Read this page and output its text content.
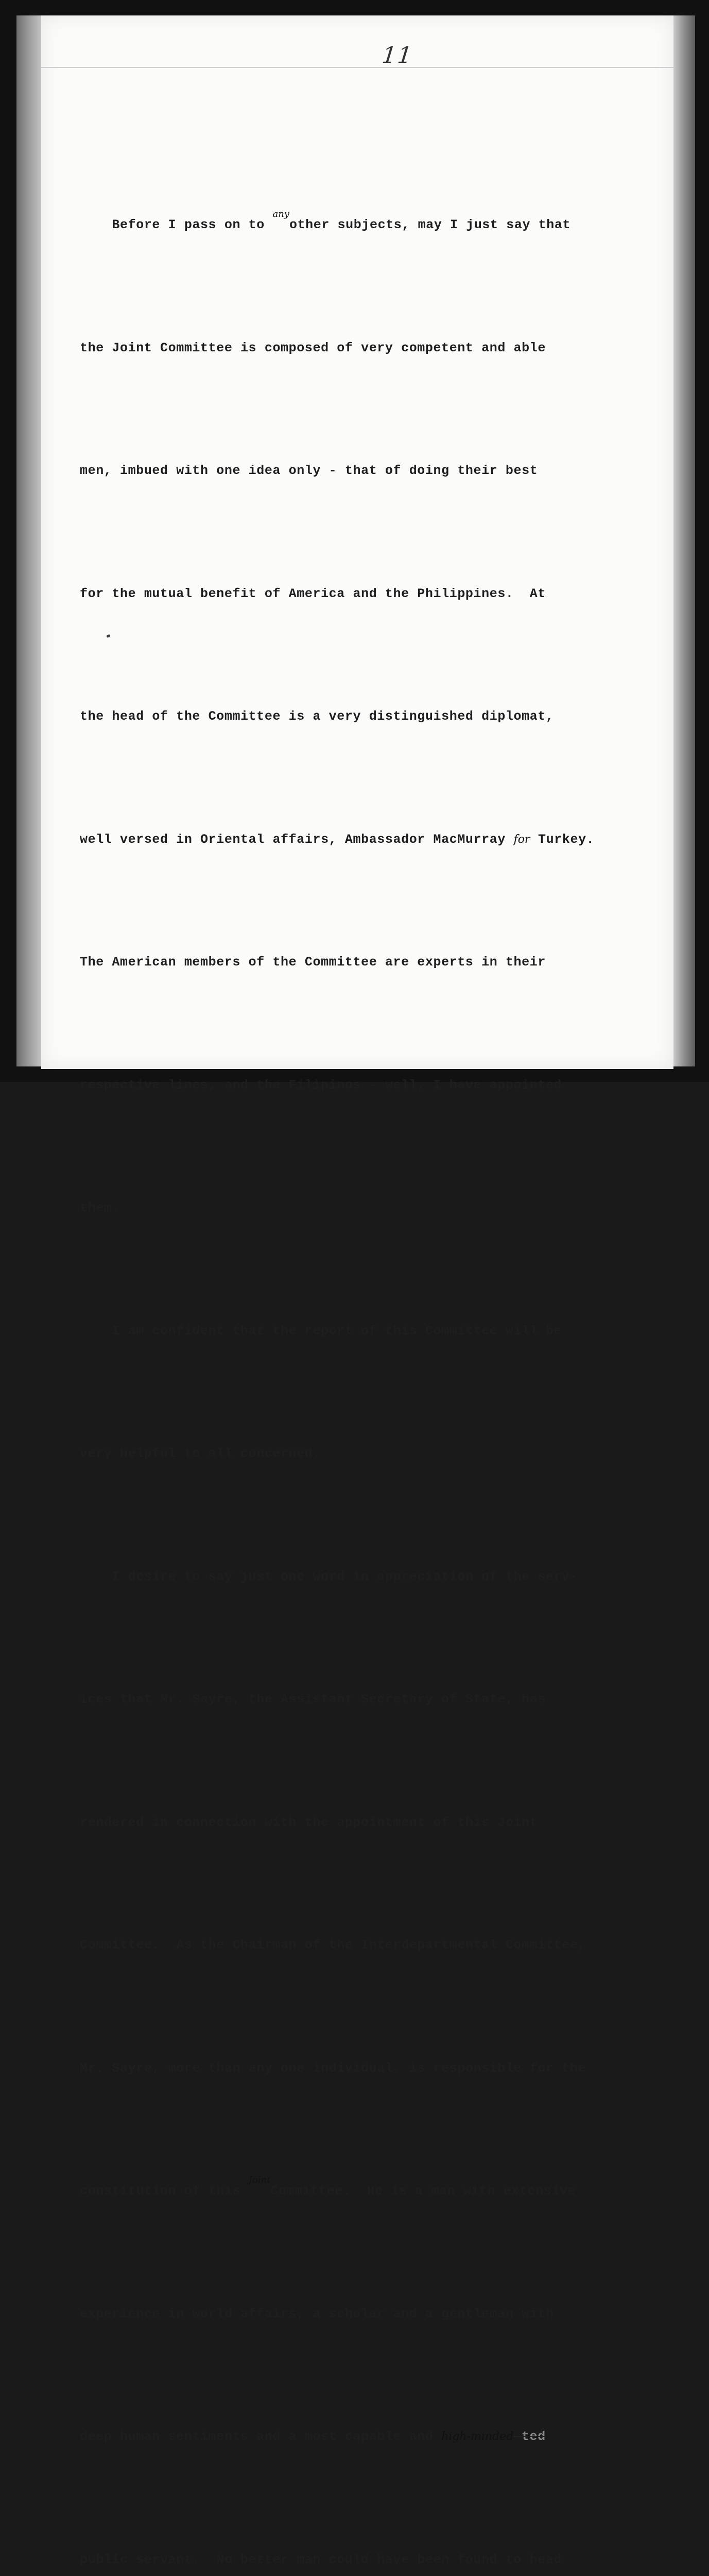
11

Before I pass on to $^{any}$other subjects, may I just say that

the Joint Committee is composed of very competent and able

men, imbued with one idea only - that of doing their best

for the mutual benefit of America and the Philippines.  At

the head of the Committee is a very distinguished diplomat,

well versed in Oriental affairs, Ambassador MacMurray for Turkey.

The American members of the Committee are experts in their

respective lines, and the Filipinos - well, I have appointed

them.

I am confident that the report of this Committee will be

very helpful to all concerned.

I desire to say just one word in appreciation of the serv-

ices that Mr. Sayre, the Assistant Secretary of State, has

rendered in connection with the appointment of this Joint

Committee.  As the Chairman of the Interdepartmental Committee,

Mr. Sayre, more than any one individual, is responsible for the

constitution of this $^{Joint}$Committee.  He is a man with extensive

experience in world affairs, a scholar and a gentleman with

deep human sentiments and a most capable and high-minded ted

public servant.  No better man could have been found to head
